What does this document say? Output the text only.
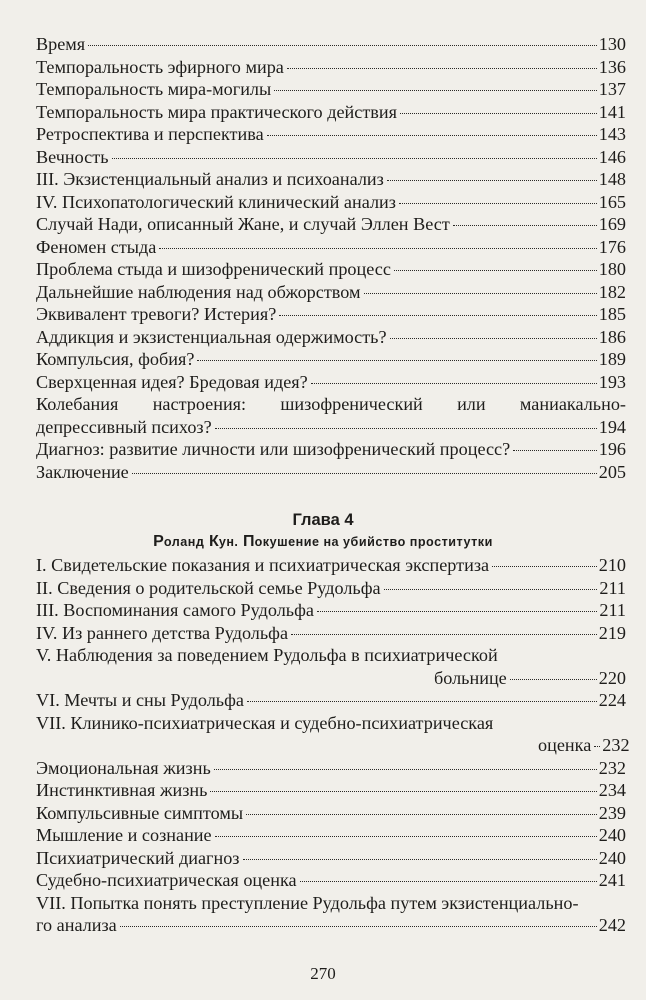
Время	130
Темпоральность эфирного мира	136
Темпоральность мира-могилы	137
Темпоральность мира практического действия	141
Ретроспектива и перспектива	143
Вечность	146
III. Экзистенциальный анализ и психоанализ	148
IV. Психопатологический клинический анализ	165
Случай Нади, описанный Жане, и случай Эллен Вест	169
Феномен стыда	176
Проблема стыда и шизофренический процесс	180
Дальнейшие наблюдения над обжорством	182
Эквивалент тревоги? Истерия?	185
Аддикция и экзистенциальная одержимость?	186
Компульсия, фобия?	189
Сверхценная идея? Бредовая идея?	193
Колебания настроения: шизофренический или маниакально-
депрессивный психоз?	194
Диагноз: развитие личности или шизофренический процесс?	196
Заключение	205
Глава 4
Роланд Кун. Покушение на убийство проститутки
I. Свидетельские показания и психиатрическая экспертиза	210
II. Сведения о родительской семье Рудольфа	211
III. Воспоминания самого Рудольфа	211
IV. Из раннего детства Рудольфа	219
V. Наблюдения за поведением Рудольфа в психиатрической
больнице	220
VI. Мечты и сны Рудольфа	224
VII. Клинико-психиатрическая и судебно-психиатрическая
оценка 232
Эмоциональная жизнь	232
Инстинктивная жизнь	234
Компульсивные симптомы	239
Мышление и сознание	240
Психиатрический диагноз	240
Судебно-психиатрическая оценка	241
VII. Попытка понять преступление Рудольфа путем экзистенциально-
го анализа	242
270
